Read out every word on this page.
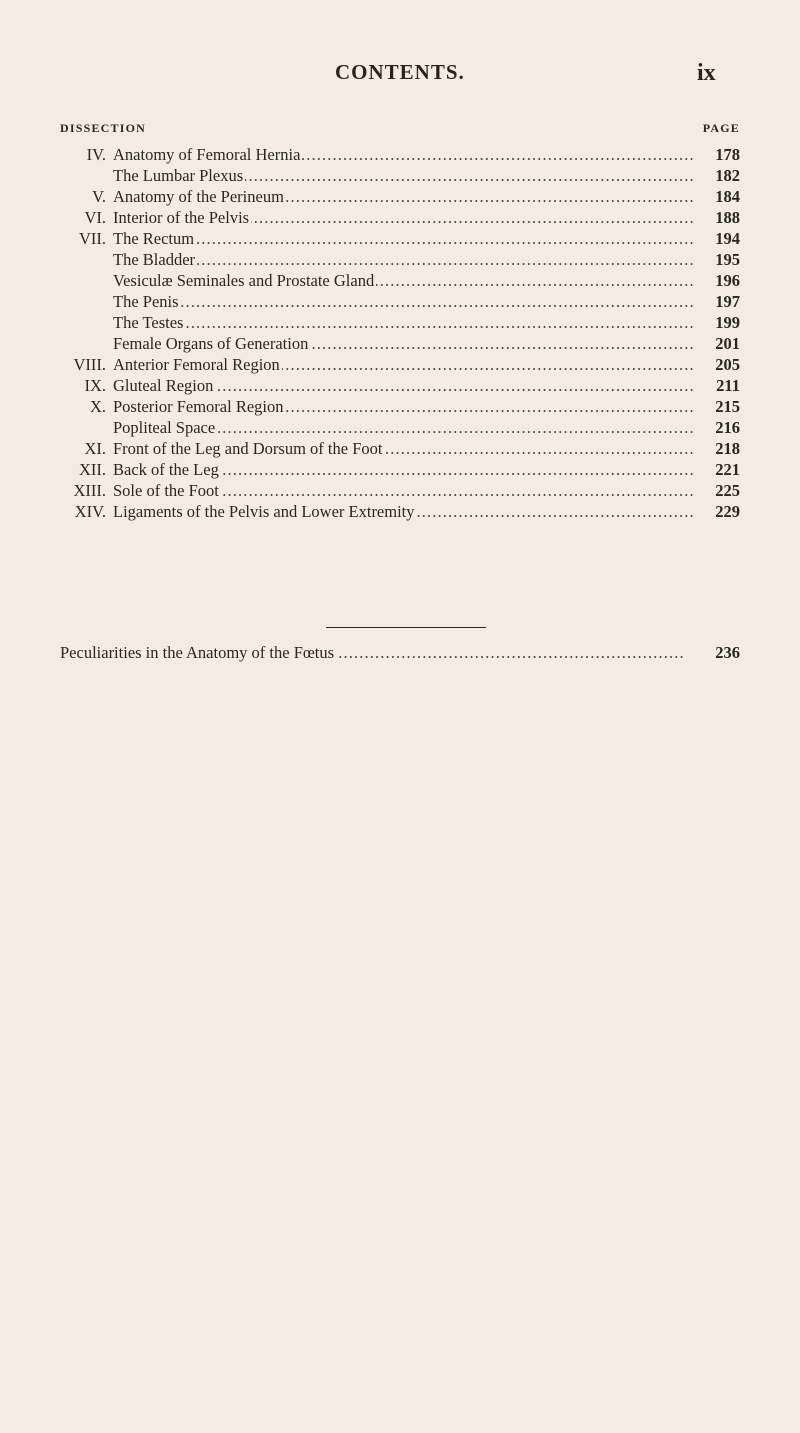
CONTENTS.	ix
DISSECTION	PAGE
IV. Anatomy of Femoral Hernia . . .	178
The Lumbar Plexus . . .	182
V. Anatomy of the Perineum . . .	184
VI. Interior of the Pelvis . . .	188
VII. The Rectum . . .	194
The Bladder . . .	195
Vesiculæ Seminales and Prostate Gland . . .	196
The Penis . . .	197
The Testes . . .	199
Female Organs of Generation . . .	201
VIII. Anterior Femoral Region . . .	205
IX. Gluteal Region . . .	211
X. Posterior Femoral Region . . .	215
Popliteal Space . . .	216
XI. Front of the Leg and Dorsum of the Foot . . .	218
XII. Back of the Leg . . .	221
XIII. Sole of the Foot . . .	225
XIV. Ligaments of the Pelvis and Lower Extremity . . .	229
Peculiarities in the Anatomy of the Fœtus . . .	236
